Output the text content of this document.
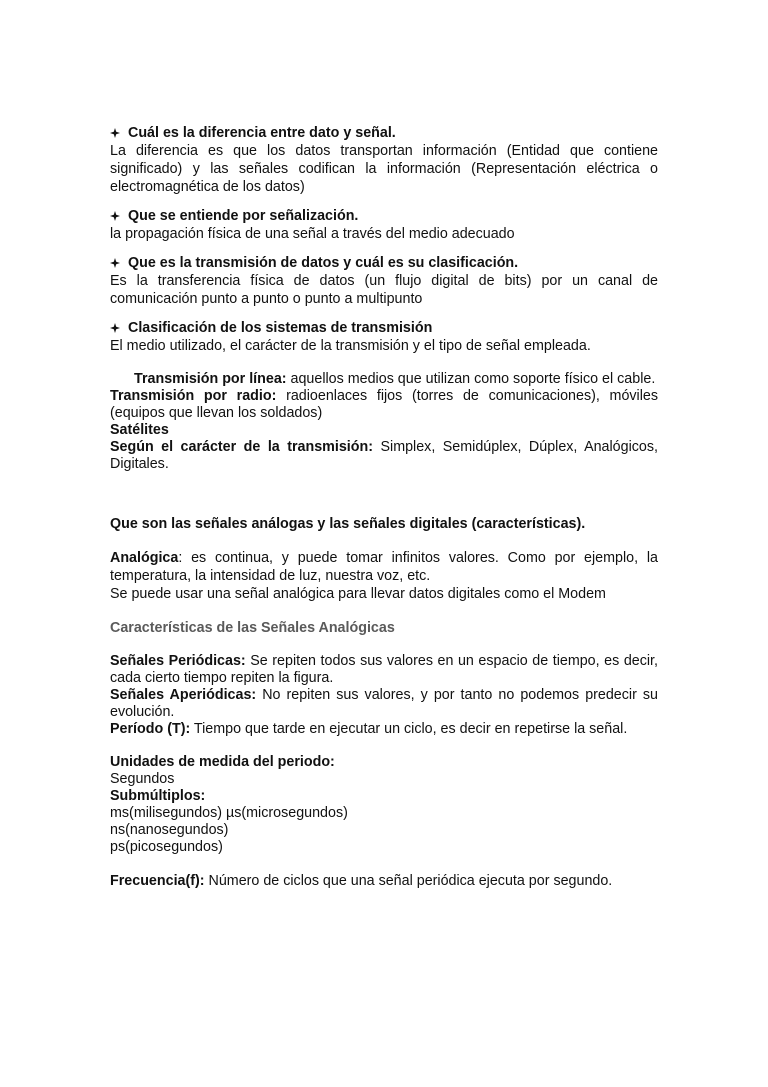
Cuál es la diferencia entre dato y señal.

La diferencia es que los datos transportan información (Entidad que contiene significado) y las señales codifican la información (Representación eléctrica o electromagnética de los datos)

Que se entiende por señalización.

la propagación física de una señal a través del medio adecuado

Que es la transmisión de datos y cuál es su clasificación.

Es la transferencia física de datos (un flujo digital de bits) por un canal de comunicación punto a punto o punto a multipunto

Clasificación de los sistemas de transmisión

El medio utilizado, el carácter de la transmisión y el tipo de señal empleada.

Transmisión por línea: aquellos medios que utilizan como soporte físico el cable.

Transmisión por radio: radioenlaces fijos (torres de comunicaciones), móviles (equipos que llevan los soldados)

Satélites

Según el carácter de la transmisión: Simplex, Semidúplex, Dúplex, Analógicos, Digitales.

Que son las señales análogas y las señales digitales (características).

Analógica: es continua, y puede tomar infinitos valores. Como por ejemplo, la temperatura, la intensidad de luz, nuestra voz, etc.

Se puede usar una señal analógica para llevar datos digitales como el Modem

Características de las Señales Analógicas

Señales Periódicas: Se repiten todos sus valores en un espacio de tiempo, es decir, cada cierto tiempo repiten la figura.

Señales Aperiódicas: No repiten sus valores, y por tanto no podemos predecir su evolución.

Período (T): Tiempo que tarde en ejecutar un ciclo, es decir en repetirse la señal.

Unidades de medida del periodo:

Segundos

Submúltiplos:

ms(milisegundos) µs(microsegundos)

ns(nanosegundos)

ps(picosegundos)

Frecuencia(f): Número de ciclos que una señal periódica ejecuta por segundo.
